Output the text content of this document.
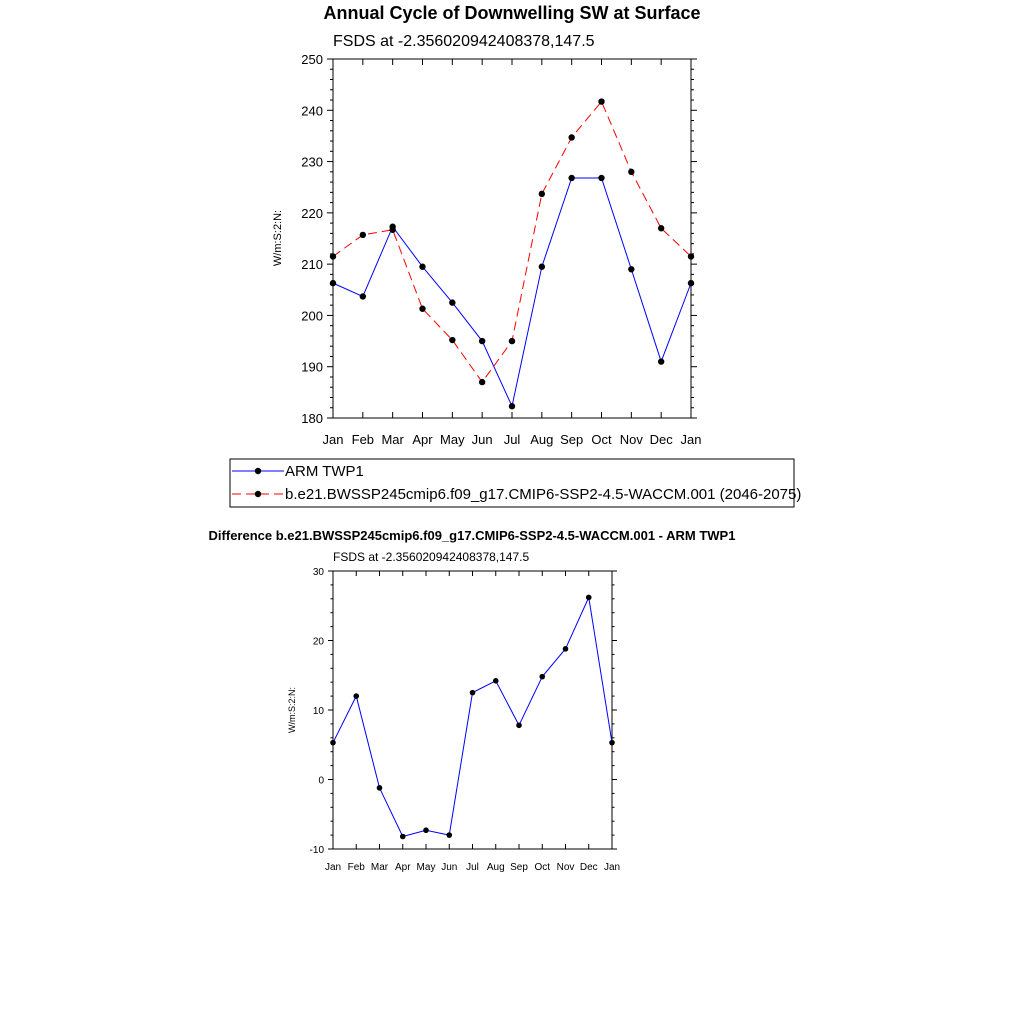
Annual Cycle of Downwelling SW at Surface
FSDS at -2.356020942408378,147.5
W/m:S:2:N:
Jan Feb Mar Apr May Jun Jul Aug Sep Oct Nov Dec Jan
180
190
200
210
220
230
240
250
ARM TWP1
b.e21.BWSSP245cmip6.f09_g17.CMIP6-SSP2-4.5-WACCM.001 (2046-2075)
Difference b.e21.BWSSP245cmip6.f09_g17.CMIP6-SSP2-4.5-WACCM.001 - ARM TWP1
FSDS at -2.356020942408378,147.5
W/m:S:2:N:
Jan Feb Mar Apr May Jun Jul Aug Sep Oct Nov Dec Jan
-10
0
10
20
30
